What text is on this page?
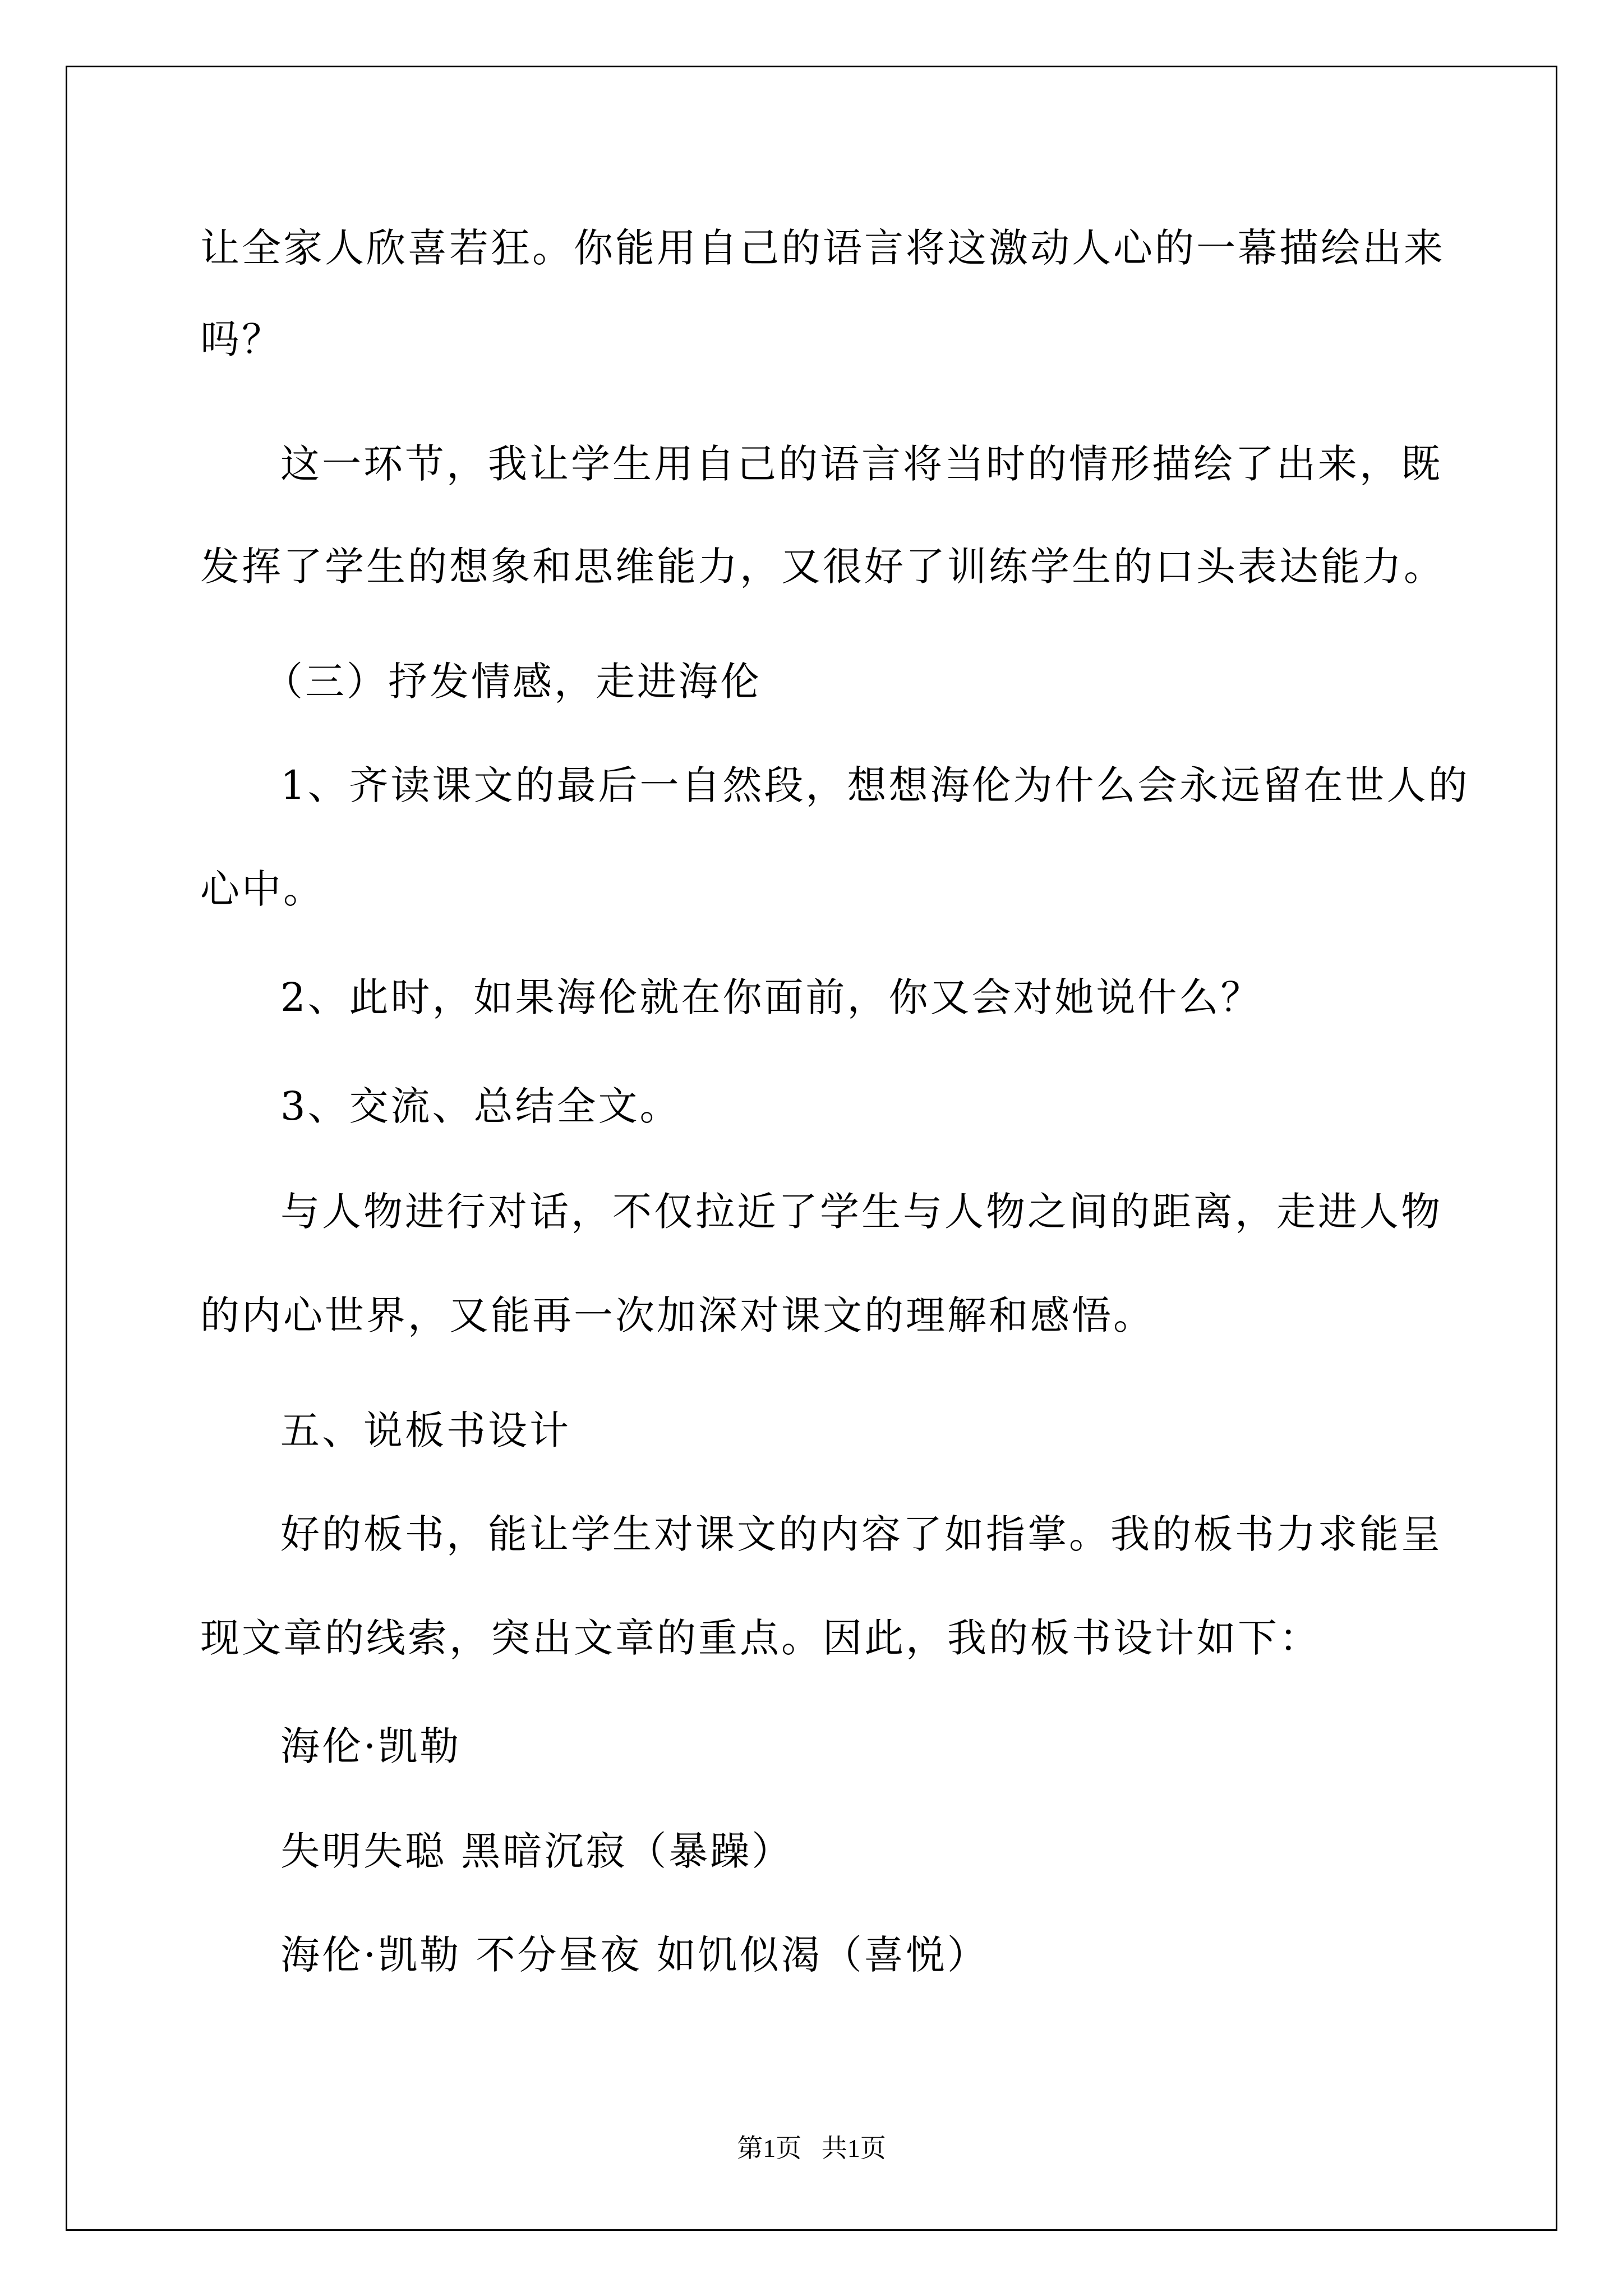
让全家人欣喜若狂。你能用自己的语言将这激动人心的一幕描绘出来
吗？
这一环节，我让学生用自己的语言将当时的情形描绘了出来，既
发挥了学生的想象和思维能力，又很好了训练学生的口头表达能力。
（三）抒发情感，走进海伦
1、齐读课文的最后一自然段，想想海伦为什么会永远留在世人的
心中。
2、此时，如果海伦就在你面前，你又会对她说什么？
3、交流、总结全文。
与人物进行对话，不仅拉近了学生与人物之间的距离，走进人物
的内心世界，又能再一次加深对课文的理解和感悟。
五、说板书设计
好的板书，能让学生对课文的内容了如指掌。我的板书力求能呈
现文章的线索，突出文章的重点。因此，我的板书设计如下：
海伦·凯勒
失明失聪 黑暗沉寂（暴躁）
海伦·凯勒 不分昼夜 如饥似渴（喜悦）
第1页 共1页
